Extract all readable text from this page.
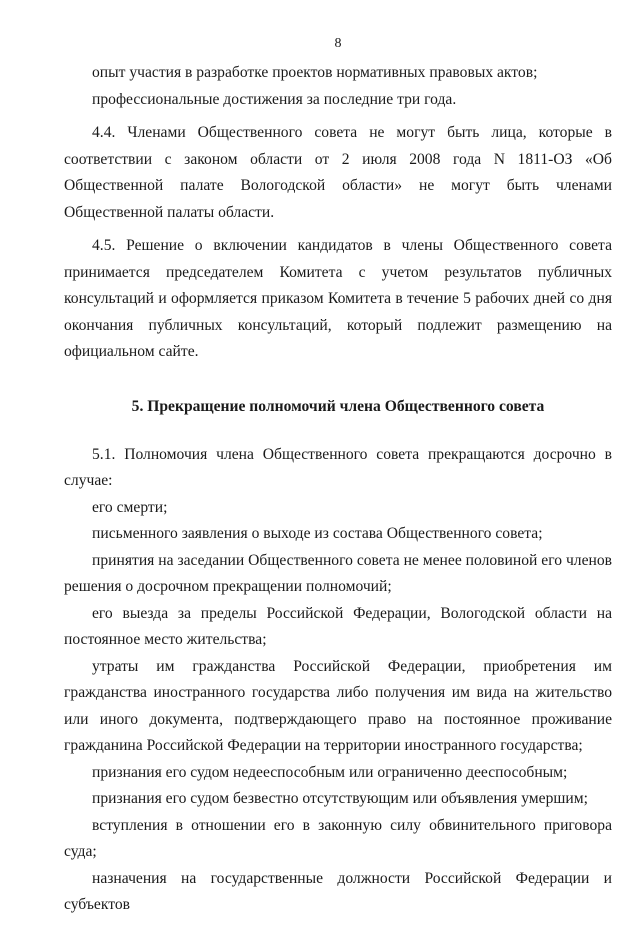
8

опыт участия в разработке проектов нормативных правовых актов;

профессиональные достижения за последние три года.

4.4. Членами Общественного совета не могут быть лица, которые в соответствии с законом области от 2 июля 2008 года N 1811-ОЗ «Об Общественной палате Вологодской области» не могут быть членами Общественной палаты области.

4.5. Решение о включении кандидатов в члены Общественного совета принимается председателем Комитета с учетом результатов публичных консультаций и оформляется приказом Комитета в течение 5 рабочих дней со дня окончания публичных консультаций, который подлежит размещению на официальном сайте.

5. Прекращение полномочий члена Общественного совета

5.1. Полномочия члена Общественного совета прекращаются досрочно в случае:

его смерти;

письменного заявления о выходе из состава Общественного совета;

принятия на заседании Общественного совета не менее половиной его членов решения о досрочном прекращении полномочий;

его выезда за пределы Российской Федерации, Вологодской области на постоянное место жительства;

утраты им гражданства Российской Федерации, приобретения им гражданства иностранного государства либо получения им вида на жительство или иного документа, подтверждающего право на постоянное проживание гражданина Российской Федерации на территории иностранного государства;

признания его судом недееспособным или ограниченно дееспособным;

признания его судом безвестно отсутствующим или объявления умершим;

вступления в отношении его в законную силу обвинительного приговора суда;

назначения на государственные должности Российской Федерации и субъектов
